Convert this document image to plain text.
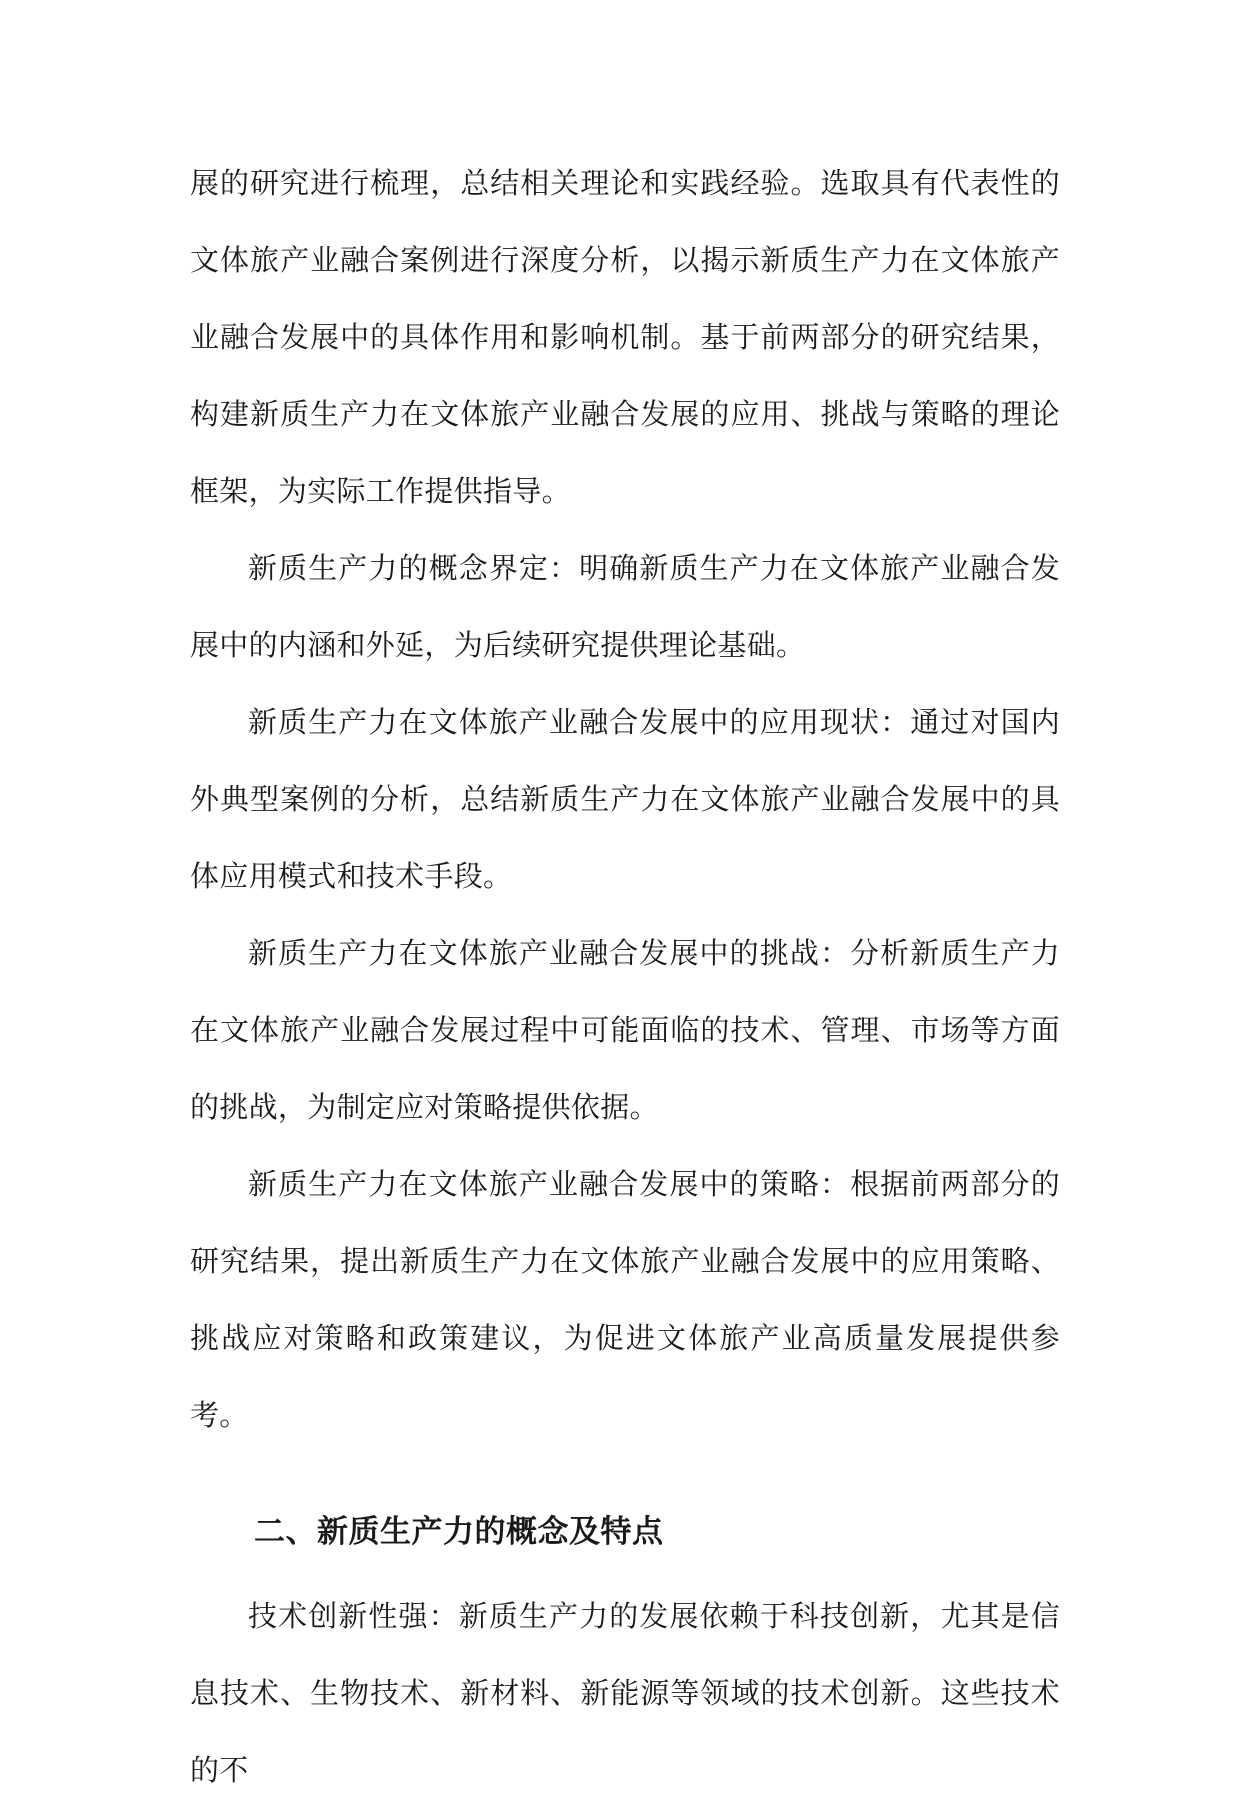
展的研究进行梳理，总结相关理论和实践经验。选取具有代表性的文体旅产业融合案例进行深度分析，以揭示新质生产力在文体旅产业融合发展中的具体作用和影响机制。基于前两部分的研究结果，构建新质生产力在文体旅产业融合发展的应用、挑战与策略的理论框架，为实际工作提供指导。

新质生产力的概念界定：明确新质生产力在文体旅产业融合发展中的内涵和外延，为后续研究提供理论基础。

新质生产力在文体旅产业融合发展中的应用现状：通过对国内外典型案例的分析，总结新质生产力在文体旅产业融合发展中的具体应用模式和技术手段。

新质生产力在文体旅产业融合发展中的挑战：分析新质生产力在文体旅产业融合发展过程中可能面临的技术、管理、市场等方面的挑战，为制定应对策略提供依据。

新质生产力在文体旅产业融合发展中的策略：根据前两部分的研究结果，提出新质生产力在文体旅产业融合发展中的应用策略、挑战应对策略和政策建议，为促进文体旅产业高质量发展提供参考。

二、新质生产力的概念及特点

技术创新性强：新质生产力的发展依赖于科技创新，尤其是信息技术、生物技术、新材料、新能源等领域的技术创新。这些技术的不
